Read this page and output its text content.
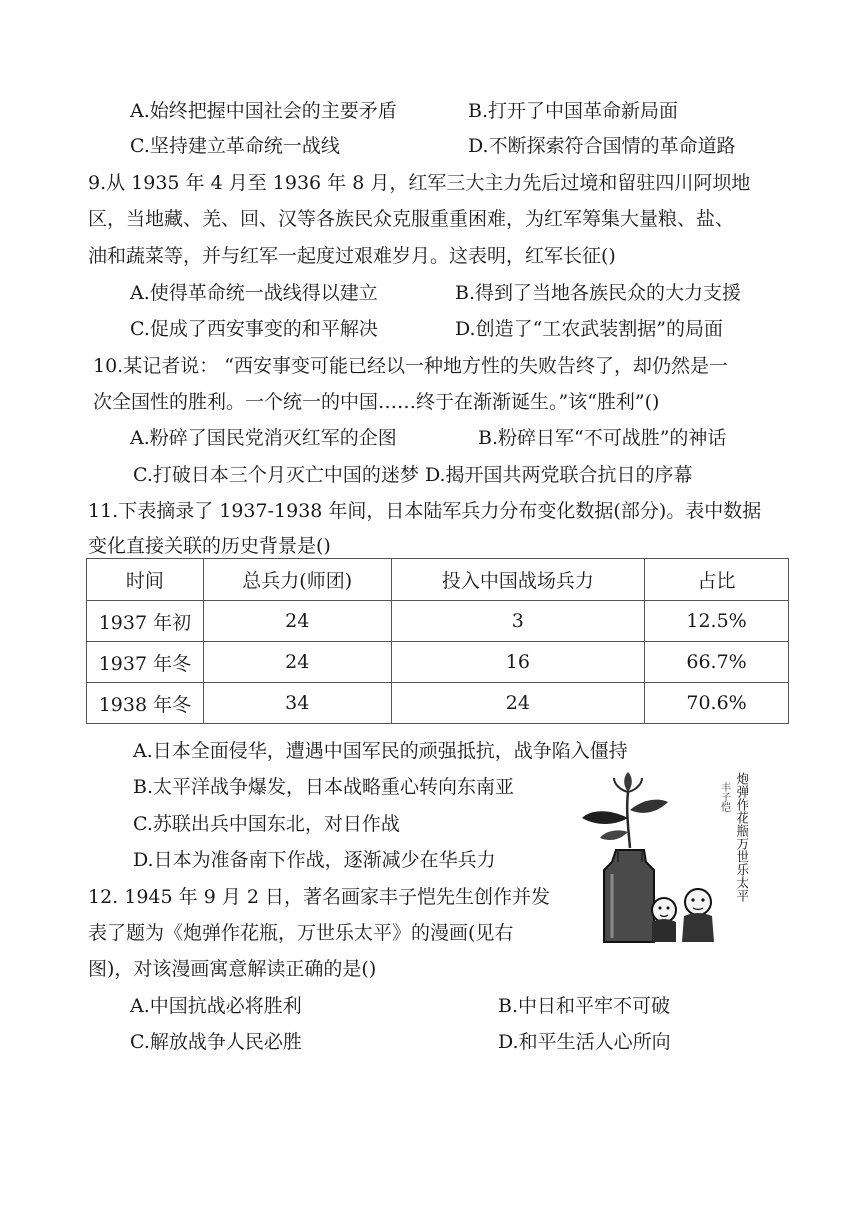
A.始终把握中国社会的主要矛盾	B.打开了中国革命新局面
C.坚持建立革命统一战线	D.不断探索符合国情的革命道路
9.从 1935 年 4 月至 1936 年 8 月，红军三大主力先后过境和留驻四川阿坝地
区，当地藏、羌、回、汉等各族民众克服重重困难，为红军筹集大量粮、盐、
油和蔬菜等，并与红军一起度过艰难岁月。这表明，红军长征()
A.使得革命统一战线得以建立	B.得到了当地各族民众的大力支援
C.促成了西安事变的和平解决	D.创造了“工农武装割据”的局面
10.某记者说： “西安事变可能已经以一种地方性的失败告终了，却仍然是一
次全国性的胜利。一个统一的中国……终于在渐渐诞生。”该“胜利”()
A.粉碎了国民党消灭红军的企图	B.粉碎日军“不可战胜”的神话
C.打破日本三个月灭亡中国的迷梦 D.揭开国共两党联合抗日的序幕
11.下表摘录了 1937-1938 年间，日本陆军兵力分布变化数据(部分)。表中数据
变化直接关联的历史背景是()
时间	总兵力(师团)	投入中国战场兵力	占比
1937 年初	24	3	12.5%
1937 年冬	24	16	66.7%
1938 年冬	34	24	70.6%
A.日本全面侵华，遭遇中国军民的顽强抵抗，战争陷入僵持
B.太平洋战争爆发，日本战略重心转向东南亚
C.苏联出兵中国东北，对日作战
D.日本为准备南下作战，逐渐减少在华兵力	炮弹作花瓶万世乐太平
丰子恺
12. 1945 年 9 月 2 日，著名画家丰子恺先生创作并发
表了题为《炮弹作花瓶，万世乐太平》的漫画(见右
图)，对该漫画寓意解读正确的是()
A.中国抗战必将胜利	B.中日和平牢不可破
C.解放战争人民必胜	D.和平生活人心所向
